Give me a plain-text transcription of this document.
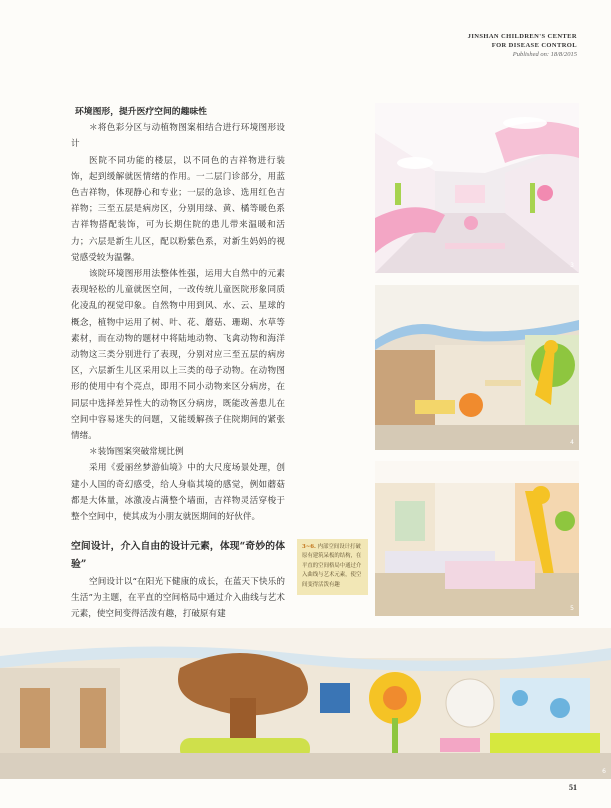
JINSHAN CHILDREN'S CENTER
FOR DISEASE CONTROL
Published on: 18/8/2015

环境图形，提升医疗空间的趣味性

＊将色彩分区与动植物图案相结合进行环境图形设计

医院不同功能的楼层，以不同色的吉祥物进行装饰，起到缓解就医情绪的作用。一二层门诊部分，用蓝色吉祥物，体现静心和专业；一层的急诊、选用红色吉祥物；三至五层是病房区，分别用绿、黄、橘等暖色系吉祥物搭配装饰，可为长期住院的患儿带来温暖和活力；六层是新生儿区，配以粉紫色系，对新生妈妈的视觉感受较为温馨。

该院环境图形用法整体性强，运用大自然中的元素表现轻松的儿童就医空间，一改传统儿童医院形象同质化凌乱的视觉印象。自然物中用到风、水、云、星球的概念，植物中运用了树、叶、花、蘑菇、珊瑚、水草等素材，而在动物的题材中将陆地动物、飞禽动物和海洋动物这三类分别进行了表现，分别对应三至五层的病房区，六层新生儿区采用以上三类的母子动物。在动物图形的使用中有个亮点，即用不同小动物来区分病房，在同层中选择差异性大的动物区分病房，既能改善患儿在空间中容易迷失的问题，又能缓解孩子住院期间的紧张情绪。

＊装饰图案突破常规比例

采用《爱丽丝梦游仙境》中的大尺度场景处理，创建小人国的奇幻感受，给人身临其境的感觉，例如蘑菇都是大体量，冰激凌占满整个墙面，吉祥物灵活穿梭于整个空间中，使其成为小朋友就医期间的好伙伴。

空间设计，介入自由的设计元素，体现“奇妙的体验”

空间设计以“在阳光下健康的成长，在蓝天下快乐的生活”为主题，在平直的空间格局中通过介入曲线与艺术元素，使空间变得活泼有趣，打破原有建

3~6. 内部空间设计打破原有建筑呆板的结构，在平直的空间格局中通过介入曲线与艺术元素，使空间变得活泼有趣
3
4
5
6
51
